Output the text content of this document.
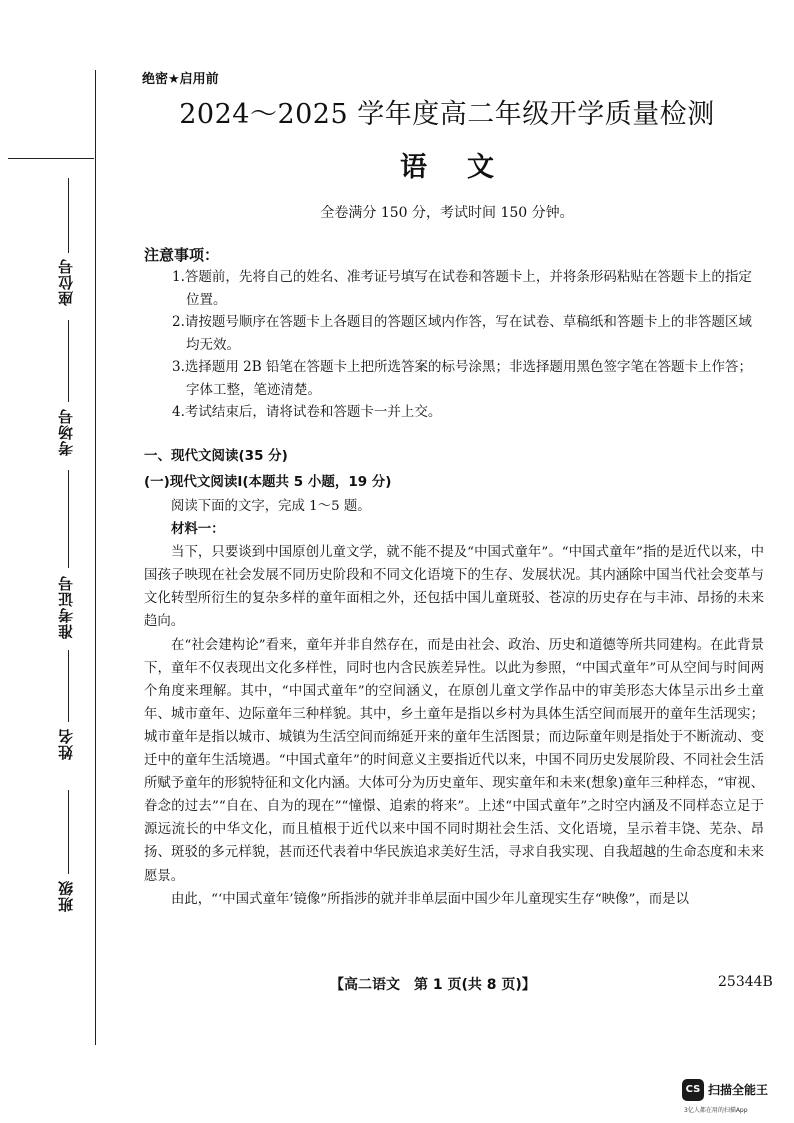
座位号
考场号
准考证号
姓名
班级
绝密★启用前
2024～2025 学年度高二年级开学质量检测
语文
全卷满分 150 分，考试时间 150 分钟。
注意事项：
1.答题前，先将自己的姓名、准考证号填写在试卷和答题卡上，并将条形码粘贴在答题卡上的指定位置。
2.请按题号顺序在答题卡上各题目的答题区域内作答，写在试卷、草稿纸和答题卡上的非答题区域均无效。
3.选择题用 2B 铅笔在答题卡上把所选答案的标号涂黑；非选择题用黑色签字笔在答题卡上作答；字体工整，笔迹清楚。
4.考试结束后，请将试卷和答题卡一并上交。
一、现代文阅读(35 分)
(一)现代文阅读Ⅰ(本题共 5 小题，19 分)

阅读下面的文字，完成 1～5 题。

材料一：

当下，只要谈到中国原创儿童文学，就不能不提及“中国式童年”。“中国式童年”指的是近代以来，中国孩子映现在社会发展不同历史阶段和不同文化语境下的生存、发展状况。其内涵除中国当代社会变革与文化转型所衍生的复杂多样的童年面相之外，还包括中国儿童斑驳、苍凉的历史存在与丰沛、昂扬的未来趋向。

在“社会建构论”看来，童年并非自然存在，而是由社会、政治、历史和道德等所共同建构。在此背景下，童年不仅表现出文化多样性，同时也内含民族差异性。以此为参照，“中国式童年”可从空间与时间两个角度来理解。其中，“中国式童年”的空间涵义，在原创儿童文学作品中的审美形态大体呈示出乡土童年、城市童年、边际童年三种样貌。其中，乡土童年是指以乡村为具体生活空间而展开的童年生活现实；城市童年是指以城市、城镇为生活空间而绵延开来的童年生活图景；而边际童年则是指处于不断流动、变迁中的童年生活境遇。“中国式童年”的时间意义主要指近代以来，中国不同历史发展阶段、不同社会生活所赋予童年的形貌特征和文化内涵。大体可分为历史童年、现实童年和未来(想象)童年三种样态，“审视、眷念的过去”“自在、自为的现在”“憧憬、追索的将来”。上述“中国式童年”之时空内涵及不同样态立足于源远流长的中华文化，而且植根于近代以来中国不同时期社会生活、文化语境，呈示着丰饶、芜杂、昂扬、斑驳的多元样貌，甚而还代表着中华民族追求美好生活，寻求自我实现、自我超越的生命态度和未来愿景。

由此，“‘中国式童年’镜像”所指涉的就并非单层面中国少年儿童现实生存“映像”，而是以

【高二语文　第 1 页(共 8 页)】	25344B
CS 扫描全能王
3亿人都在用的扫描App
